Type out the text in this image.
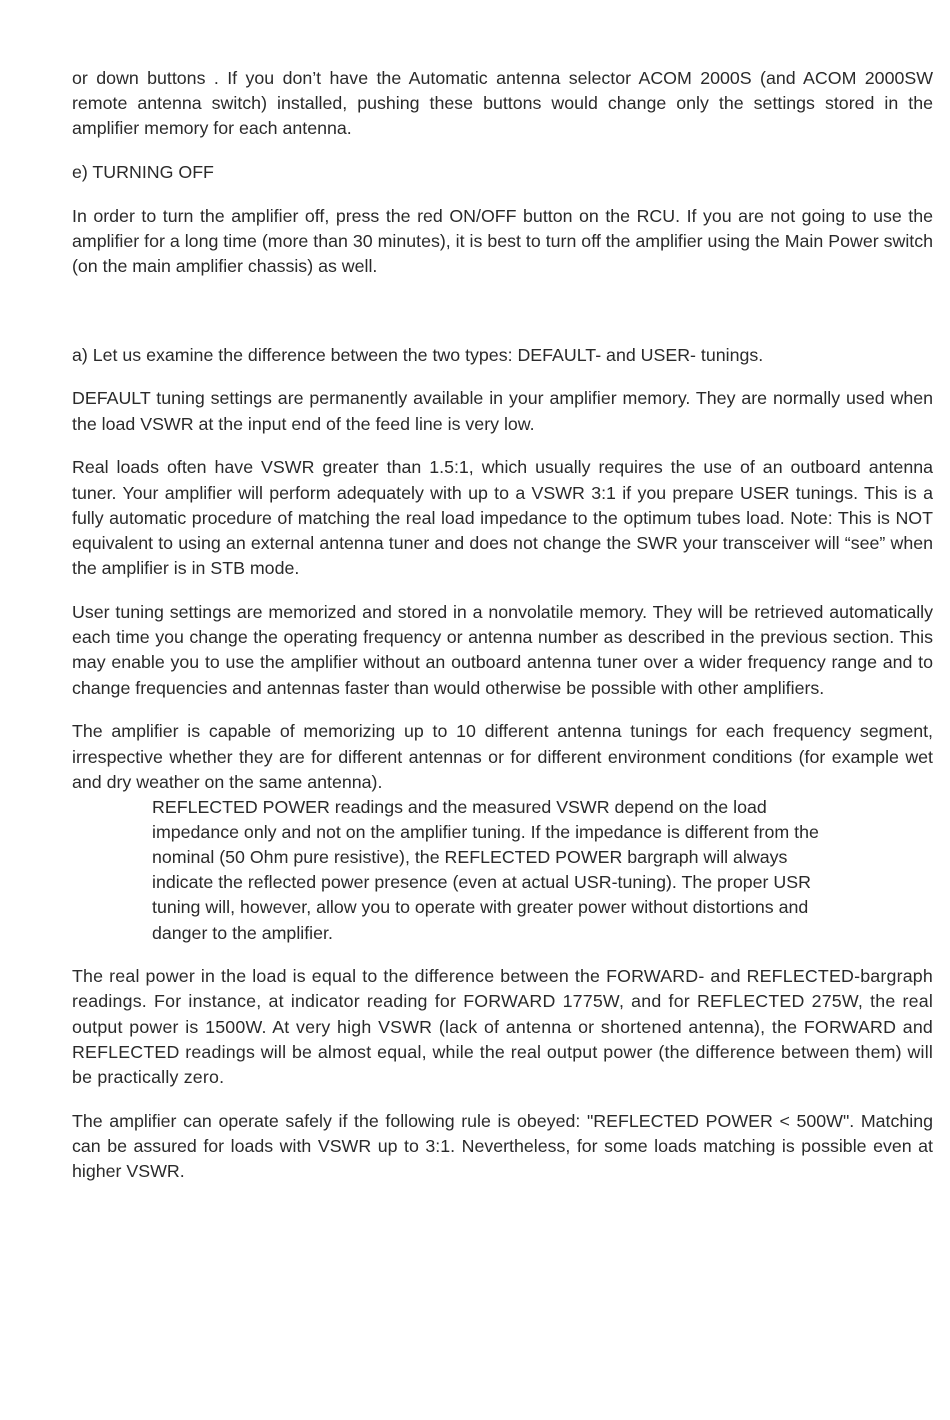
or down buttons . If you don’t have the Automatic antenna selector ACOM 2000S (and ACOM 2000SW remote antenna switch) installed, pushing these buttons would change only the settings stored in the amplifier memory for each antenna.

e) TURNING OFF

In order to turn the amplifier off, press the red ON/OFF button on the RCU. If you are not going to use the amplifier for a long time (more than 30 minutes), it is best to turn off the amplifier using the Main Power switch (on the main amplifier chassis) as well.

a) Let us examine the difference between the two types: DEFAULT- and USER- tunings.

DEFAULT tuning settings are permanently available in your amplifier memory. They are normally used when the load VSWR at the input end of the feed line is very low.

Real loads often have VSWR greater than 1.5:1, which usually requires the use of an outboard antenna tuner. Your amplifier will perform adequately with up to a VSWR 3:1 if you prepare USER tunings. This is a fully automatic procedure of matching the real load impedance to the optimum tubes load. Note: This is NOT equivalent to using an external antenna tuner and does not change the SWR your transceiver will “see” when the amplifier is in STB mode.

User tuning settings are memorized and stored in a nonvolatile memory. They will be retrieved automatically each time you change the operating frequency or antenna number as described in the previous section. This may enable you to use the amplifier without an outboard antenna tuner over a wider frequency range and to change frequencies and antennas faster than would otherwise be possible with other amplifiers.

The amplifier is capable of memorizing up to 10 different antenna tunings for each frequency segment, irrespective whether they are for different antennas or for different environment conditions (for example wet and dry weather on the same antenna).

REFLECTED POWER readings and the measured VSWR depend on the load impedance only and not on the amplifier tuning. If the impedance is different from the nominal (50 Ohm pure resistive), the REFLECTED POWER bargraph will always indicate the reflected power presence (even at actual USR-tuning). The proper USR tuning will, however, allow you to operate with greater power without distortions and danger to the amplifier.

The real power in the load is equal to the difference between the FORWARD- and REFLECTED-bargraph readings. For instance, at indicator reading for FORWARD 1775W, and for REFLECTED 275W, the real output power is 1500W. At very high VSWR (lack of antenna or shortened antenna), the FORWARD and REFLECTED readings will be almost equal, while the real output power (the difference between them) will be practically zero.

The amplifier can operate safely if the following rule is obeyed: "REFLECTED POWER < 500W". Matching can be assured for loads with VSWR up to 3:1. Nevertheless, for some loads matching is possible even at higher VSWR.
